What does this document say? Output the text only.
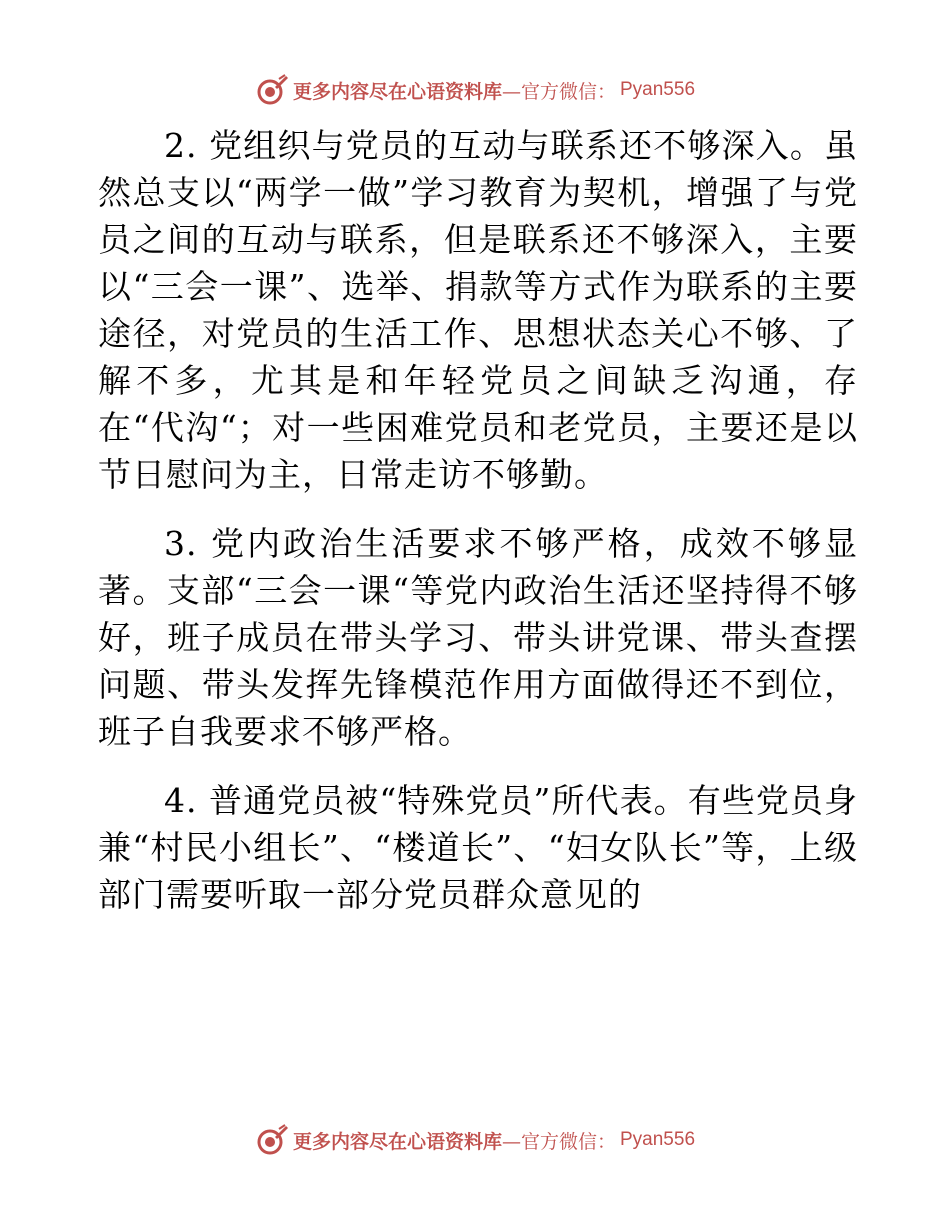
更多内容尽在心语资料库 —官方微信： Pyan556

2. 党组织与党员的互动与联系还不够深入。虽然总支以“两学一做”学习教育为契机，增强了与党员之间的互动与联系，但是联系还不够深入，主要以“三会一课”、选举、捐款等方式作为联系的主要途径，对党员的生活工作、思想状态关心不够、了解不多，尤其是和年轻党员之间缺乏沟通，存在“代沟“；对一些困难党员和老党员，主要还是以节日慰问为主，日常走访不够勤。

3. 党内政治生活要求不够严格，成效不够显著。支部“三会一课“等党内政治生活还坚持得不够好，班子成员在带头学习、带头讲党课、带头查摆问题、带头发挥先锋模范作用方面做得还不到位，班子自我要求不够严格。

4. 普通党员被“特殊党员”所代表。有些党员身兼“村民小组长”、“楼道长”、“妇女队长”等，上级部门需要听取一部分党员群众意见的

更多内容尽在心语资料库 —官方微信： Pyan556
